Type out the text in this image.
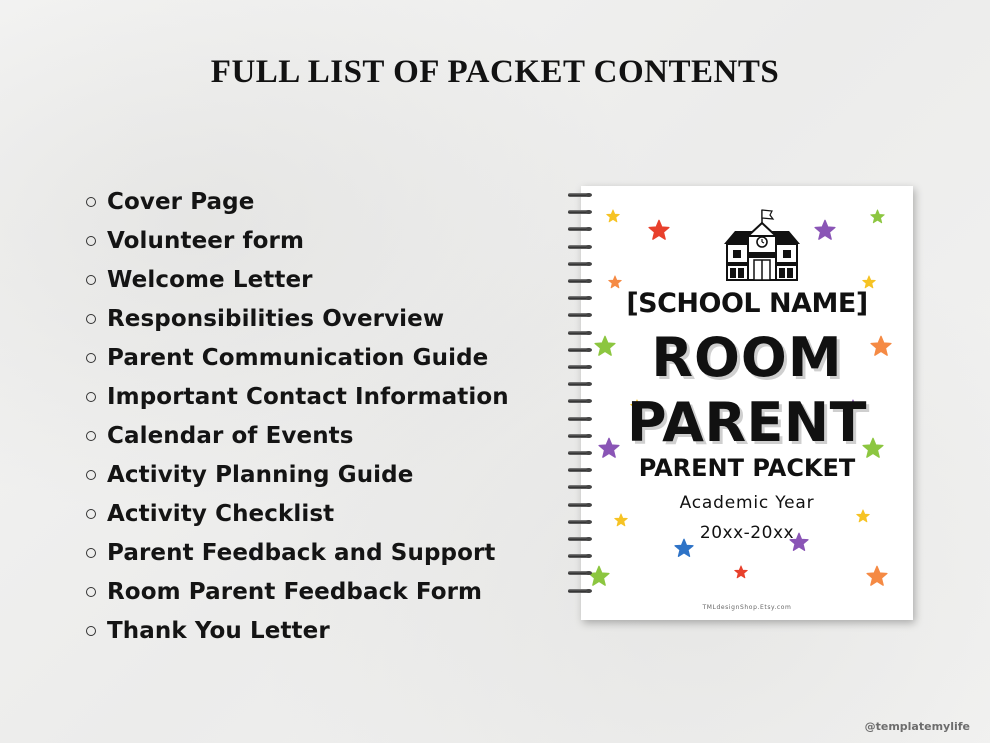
FULL LIST OF PACKET CONTENTS
Cover Page
Volunteer form
Welcome Letter
Responsibilities Overview
Parent Communication Guide
Important Contact Information
Calendar of Events
Activity Planning Guide
Activity Checklist
Parent Feedback and Support
Room Parent Feedback Form
Thank You Letter
[SCHOOL NAME]
ROOM
PARENT
PARENT PACKET
Academic Year
20xx-20xx
TMLdesignShop.Etsy.com
@templatemylife
